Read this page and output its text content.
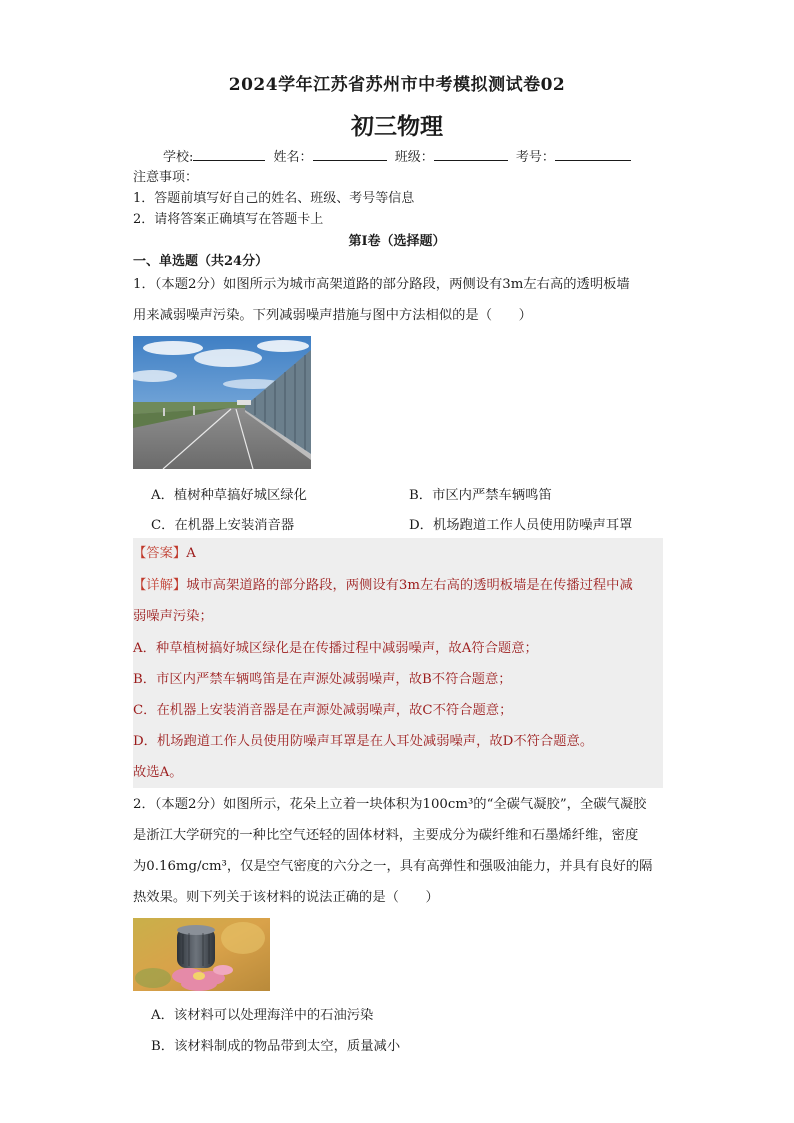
2024学年江苏省苏州市中考模拟测试卷02
初三物理
学校:	姓名：	班级：	考号：
注意事项：
1．答题前填写好自己的姓名、班级、考号等信息
2．请将答案正确填写在答题卡上
第I卷（选择题）
一、单选题（共24分）
1．（本题2分）如图所示为城市高架道路的部分路段，两侧设有3m左右高的透明板墙
用来减弱噪声污染。下列减弱噪声措施与图中方法相似的是（　　）
A．植树种草搞好城区绿化	B．市区内严禁车辆鸣笛
C．在机器上安装消音器	D．机场跑道工作人员使用防噪声耳罩
【答案】A
【详解】城市高架道路的部分路段，两侧设有3m左右高的透明板墙是在传播过程中减
弱噪声污染；
A．种草植树搞好城区绿化是在传播过程中减弱噪声，故A符合题意；
B．市区内严禁车辆鸣笛是在声源处减弱噪声，故B不符合题意；
C．在机器上安装消音器是在声源处减弱噪声，故C不符合题意；
D．机场跑道工作人员使用防噪声耳罩是在人耳处减弱噪声，故D不符合题意。
故选A。
2．（本题2分）如图所示，花朵上立着一块体积为100cm³的“全碳气凝胶”，全碳气凝胶
是浙江大学研究的一种比空气还轻的固体材料，主要成分为碳纤维和石墨烯纤维，密度
为0.16mg/cm³，仅是空气密度的六分之一，具有高弹性和强吸油能力，并具有良好的隔
热效果。则下列关于该材料的说法正确的是（　　）
A．该材料可以处理海洋中的石油污染
B．该材料制成的物品带到太空，质量减小
